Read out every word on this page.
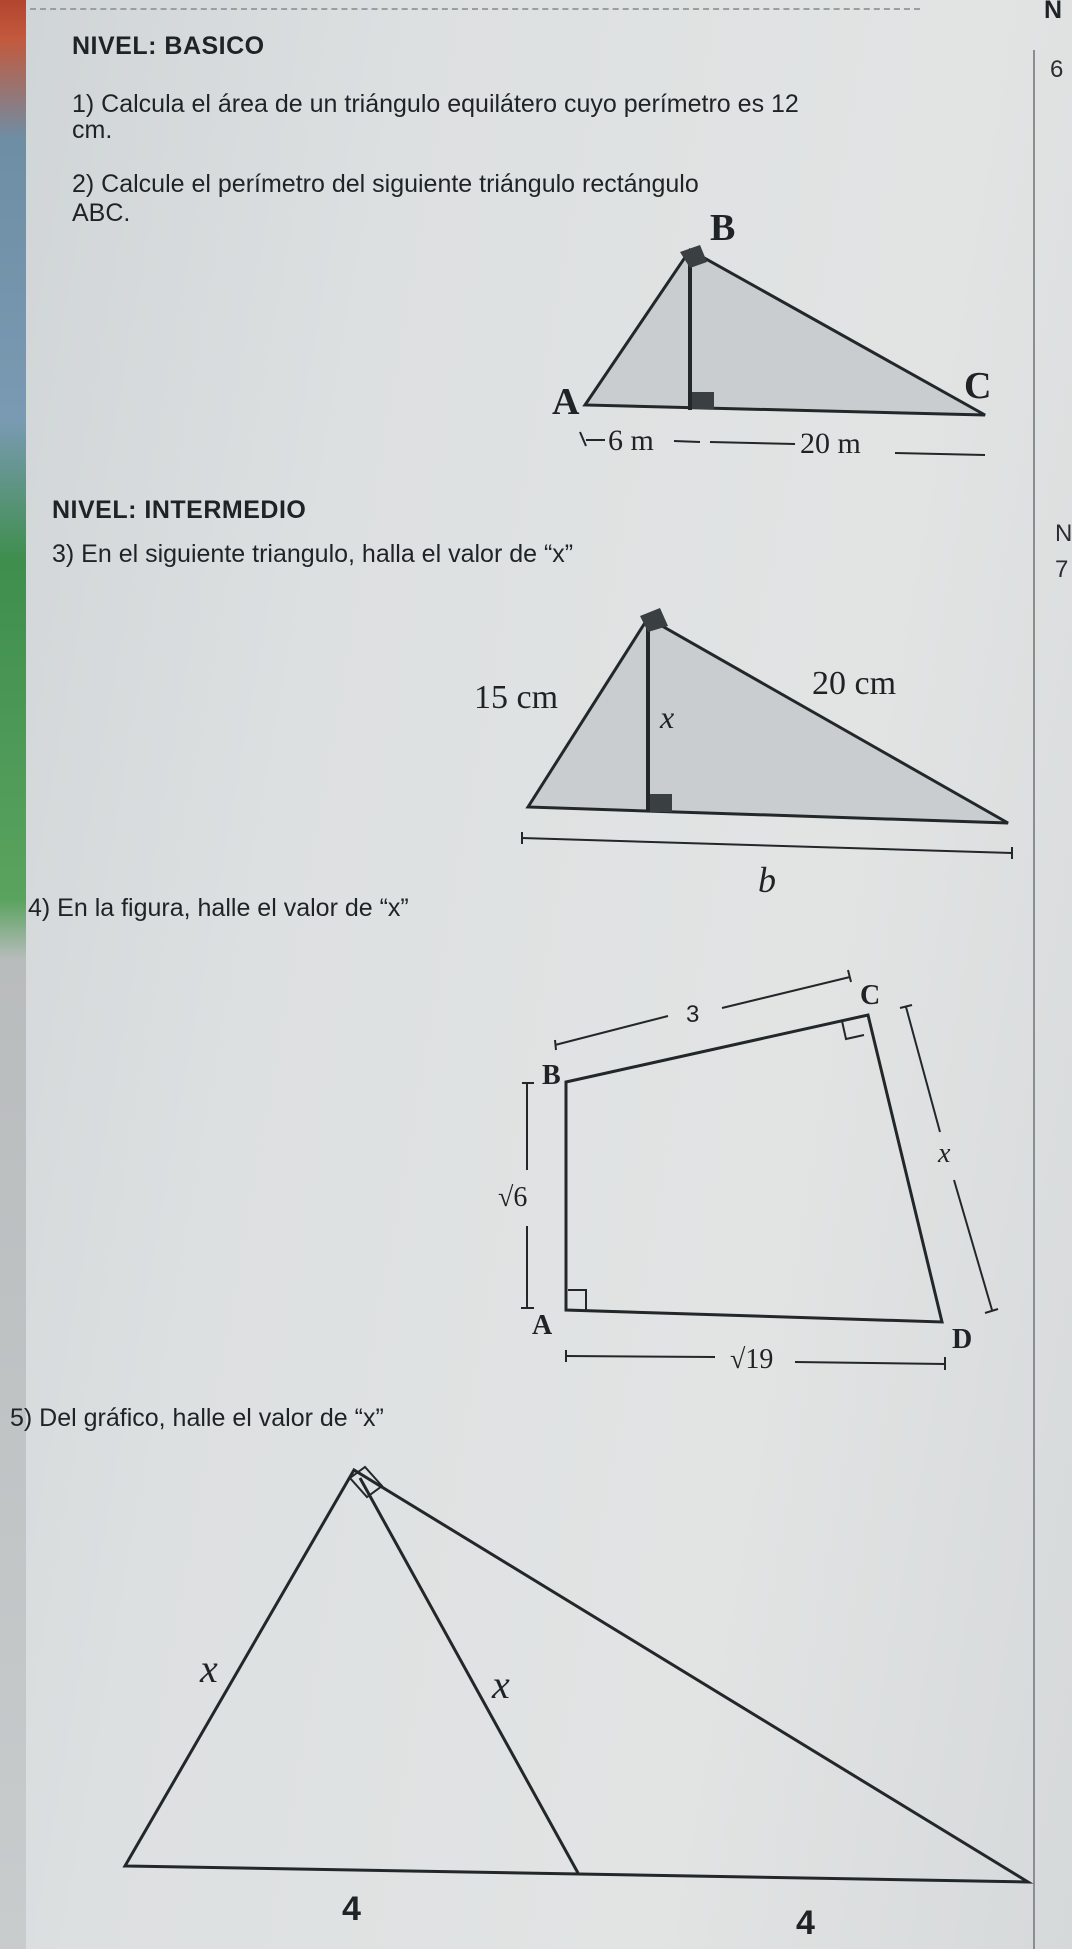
N
6
N
7
NIVEL: BASICO
1) Calcula el área de un triángulo equilátero cuyo perímetro es 12
cm.
2) Calcule el perímetro del siguiente triángulo rectángulo
ABC.
NIVEL: INTERMEDIO
3) En el siguiente triangulo, halla el valor de “x”
4) En la figura, halle el valor de “x”
5) Del gráfico, halle el valor de “x”
B
A	C
6 m	20 m
15 cm	20 cm
x
b
3
B
C
√6
A	D
x
√19
x	x
4	4
